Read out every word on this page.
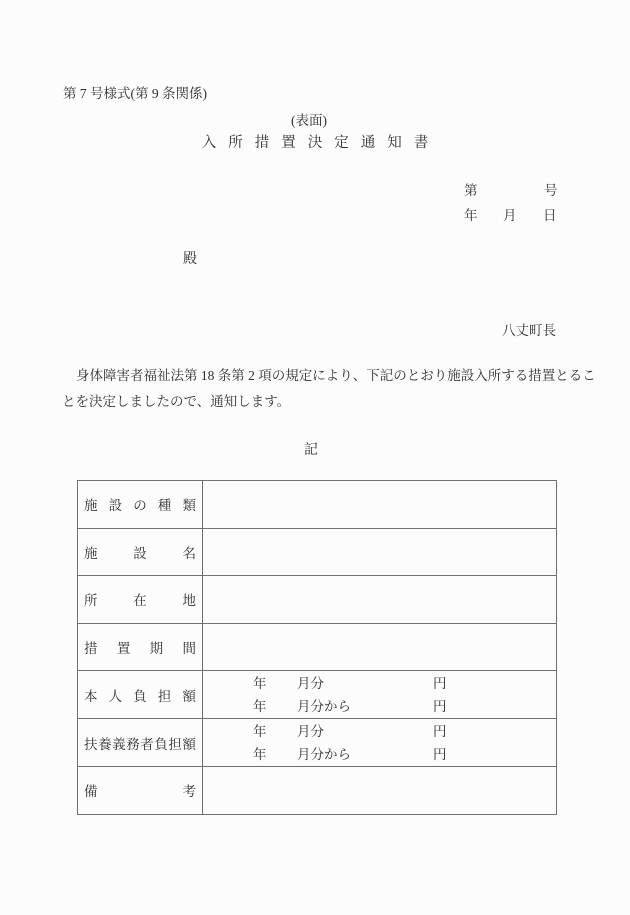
第 7 号様式(第 9 条関係)
(表面)
入所措置決定通知書
第	号
年 月 日
殿
八丈町長
身体障害者福祉法第 18 条第 2 項の規定により、下記のとおり施設入所する措置とるこ
とを決定しましたので、通知します。
記
施設の種類	
施設名	
所在地	
措置期間	
本人負担額	
年 月分	円
年 月分から	円

扶養義務者負担額	
年 月分	円
年 月分から	円

備考	
